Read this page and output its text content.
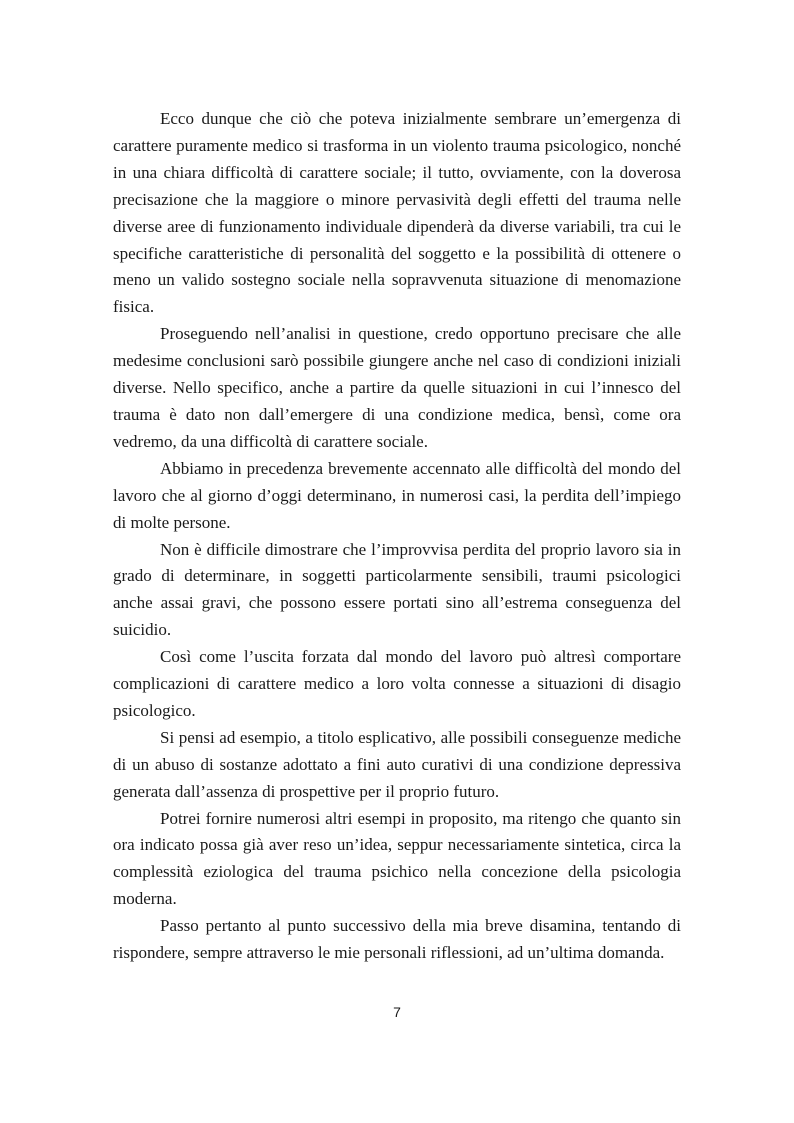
Ecco dunque che ciò che poteva inizialmente sembrare un’emergenza di carattere puramente medico si trasforma in un violento trauma psicologico, nonché in una chiara difficoltà di carattere sociale; il tutto, ovviamente, con la doverosa precisazione che la maggiore o minore pervasività degli effetti del trauma nelle diverse aree di funzionamento individuale dipenderà da diverse variabili, tra cui le specifiche caratteristiche di personalità del soggetto e la possibilità di ottenere o meno un valido sostegno sociale nella sopravvenuta situazione di menomazione fisica.

Proseguendo nell’analisi in questione, credo opportuno precisare che alle medesime conclusioni sarò possibile giungere anche nel caso di condizioni iniziali diverse. Nello specifico, anche a partire da quelle situazioni in cui l’innesco del trauma è dato non dall’emergere di una condizione medica, bensì, come ora vedremo, da una difficoltà di carattere sociale.

Abbiamo in precedenza brevemente accennato alle difficoltà del mondo del lavoro che al giorno d’oggi determinano, in numerosi casi, la perdita dell’impiego di molte persone.

Non è difficile dimostrare che l’improvvisa perdita del proprio lavoro sia in grado di determinare, in soggetti particolarmente sensibili, traumi psicologici anche assai gravi, che possono essere portati sino all’estrema conseguenza del suicidio.

Così come l’uscita forzata dal mondo del lavoro può altresì comportare complicazioni di carattere medico a loro volta connesse a situazioni di disagio psicologico.

Si pensi ad esempio, a titolo esplicativo, alle possibili conseguenze mediche di un abuso di sostanze adottato a fini auto curativi di una condizione depressiva generata dall’assenza di prospettive per il proprio futuro.

Potrei fornire numerosi altri esempi in proposito, ma ritengo che quanto sin ora indicato possa già aver reso un’idea, seppur necessariamente sintetica, circa la complessità eziologica del trauma psichico nella concezione della psicologia moderna.

Passo pertanto al punto successivo della mia breve disamina, tentando di rispondere, sempre attraverso le mie personali riflessioni, ad un’ultima domanda.

7
